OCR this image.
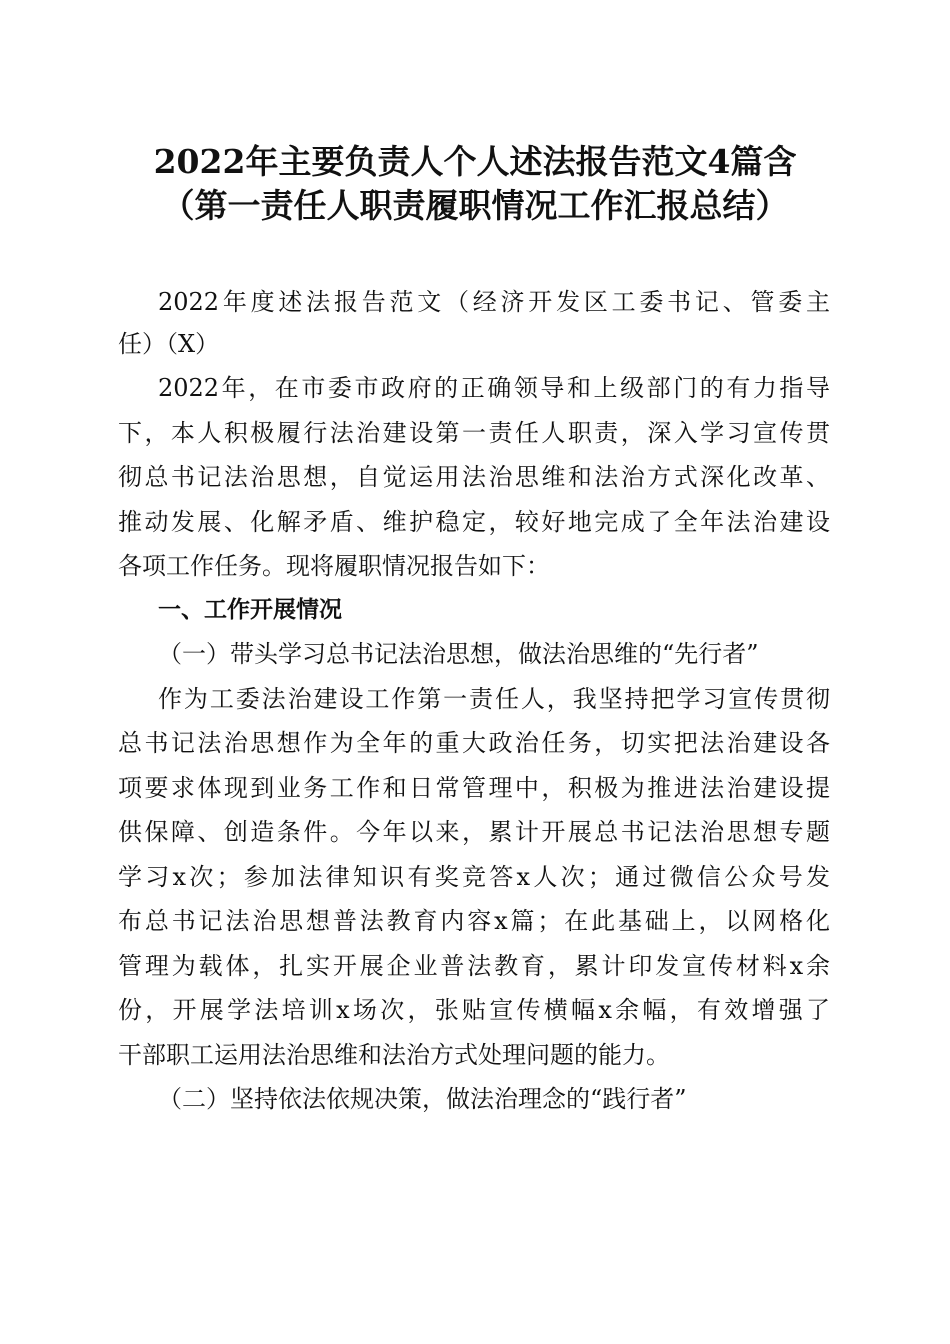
2022年主要负责人个人述法报告范文4篇含
（第一责任人职责履职情况工作汇报总结）
2022年度述法报告范文（经济开发区工委书记、管委主
任）（X）
2022年，在市委市政府的正确领导和上级部门的有力指导
下，本人积极履行法治建设第一责任人职责，深入学习宣传贯
彻总书记法治思想，自觉运用法治思维和法治方式深化改革、
推动发展、化解矛盾、维护稳定，较好地完成了全年法治建设
各项工作任务。现将履职情况报告如下：
一、工作开展情况
（一）带头学习总书记法治思想，做法治思维的“先行者”
作为工委法治建设工作第一责任人，我坚持把学习宣传贯彻
总书记法治思想作为全年的重大政治任务，切实把法治建设各
项要求体现到业务工作和日常管理中，积极为推进法治建设提
供保障、创造条件。今年以来，累计开展总书记法治思想专题
学习x次；参加法律知识有奖竞答x人次；通过微信公众号发
布总书记法治思想普法教育内容x篇；在此基础上，以网格化
管理为载体，扎实开展企业普法教育，累计印发宣传材料x余
份，开展学法培训x场次，张贴宣传横幅x余幅，有效增强了
干部职工运用法治思维和法治方式处理问题的能力。
（二）坚持依法依规决策，做法治理念的“践行者”
